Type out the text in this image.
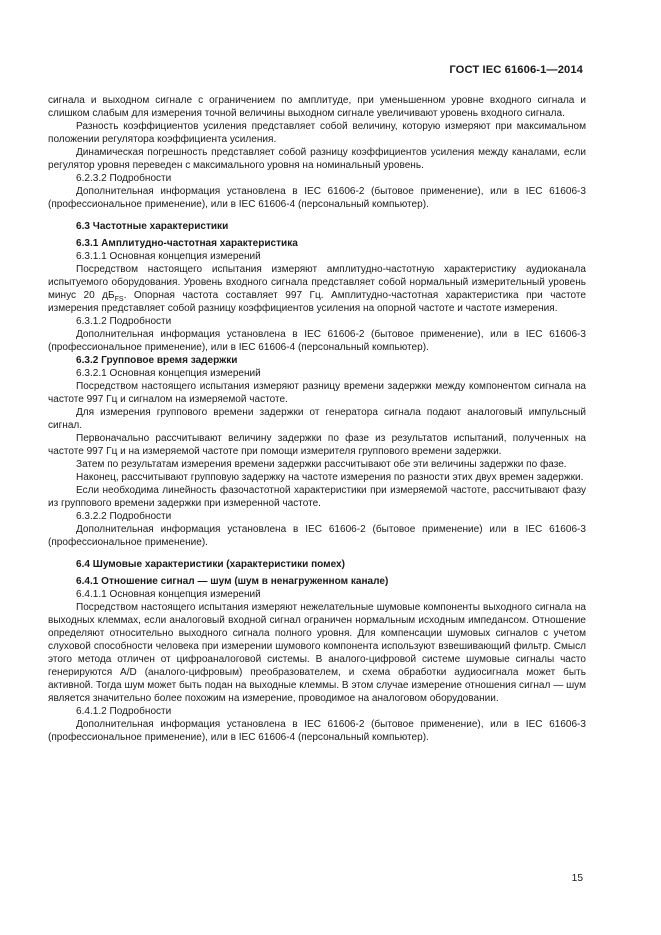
ГОСТ IEC 61606-1—2014

сигнала и выходном сигнале с ограничением по амплитуде, при уменьшенном уровне входного сигнала и слишком слабым для измерения точной величины выходном сигнале увеличивают уровень входного сигнала.

Разность коэффициентов усиления представляет собой величину, которую измеряют при максимальном положении регулятора коэффициента усиления.

Динамическая погрешность представляет собой разницу коэффициентов усиления между каналами, если регулятор уровня переведен с максимального уровня на номинальный уровень.

6.2.3.2 Подробности

Дополнительная информация установлена в IEC 61606-2 (бытовое применение), или в IEC 61606-3 (профессиональное применение), или в IEC 61606-4 (персональный компьютер).

6.3 Частотные характеристики

6.3.1 Амплитудно-частотная характеристика

6.3.1.1 Основная концепция измерений

Посредством настоящего испытания измеряют амплитудно-частотную характеристику аудиоканала испытуемого оборудования. Уровень входного сигнала представляет собой нормальный измерительный уровень минус 20 $дБ_{FS}$. Опорная частота составляет 997 Гц. Амплитудно-частотная характеристика при частоте измерения представляет собой разницу коэффициентов усиления на опорной частоте и частоте измерения.

6.3.1.2 Подробности

Дополнительная информация установлена в IEC 61606-2 (бытовое применение), или в IEC 61606-3 (профессиональное применение), или в IEC 61606-4 (персональный компьютер).

6.3.2 Групповое время задержки

6.3.2.1 Основная концепция измерений

Посредством настоящего испытания измеряют разницу времени задержки между компонентом сигнала на частоте 997 Гц и сигналом на измеряемой частоте.

Для измерения группового времени задержки от генератора сигнала подают аналоговый импульсный сигнал.

Первоначально рассчитывают величину задержки по фазе из результатов испытаний, полученных на частоте 997 Гц и на измеряемой частоте при помощи измерителя группового времени задержки.

Затем по результатам измерения времени задержки рассчитывают обе эти величины задержки по фазе.

Наконец, рассчитывают групповую задержку на частоте измерения по разности этих двух времен задержки.

Если необходима линейность фазочастотной характеристики при измеряемой частоте, рассчитывают фазу из группового времени задержки при измеренной частоте.

6.3.2.2 Подробности

Дополнительная информация установлена в IEC 61606-2 (бытовое применение) или в IEC 61606-3 (профессиональное применение).

6.4 Шумовые характеристики (характеристики помех)

6.4.1 Отношение сигнал — шум (шум в ненагруженном канале)

6.4.1.1 Основная концепция измерений

Посредством настоящего испытания измеряют нежелательные шумовые компоненты выходного сигнала на выходных клеммах, если аналоговый входной сигнал ограничен нормальным исходным импедансом. Отношение определяют относительно выходного сигнала полного уровня. Для компенсации шумовых сигналов с учетом слуховой способности человека при измерении шумового компонента используют взвешивающий фильтр. Смысл этого метода отличен от цифроаналоговой системы. В аналого-цифровой системе шумовые сигналы часто генерируются A/D (аналого-цифровым) преобразователем, и схема обработки аудиосигнала может быть активной. Тогда шум может быть подан на выходные клеммы. В этом случае измерение отношения сигнал — шум является значительно более похожим на измерение, проводимое на аналоговом оборудовании.

6.4.1.2 Подробности

Дополнительная информация установлена в IEC 61606-2 (бытовое применение), или в IEC 61606-3 (профессиональное применение), или в IEC 61606-4 (персональный компьютер).

15
